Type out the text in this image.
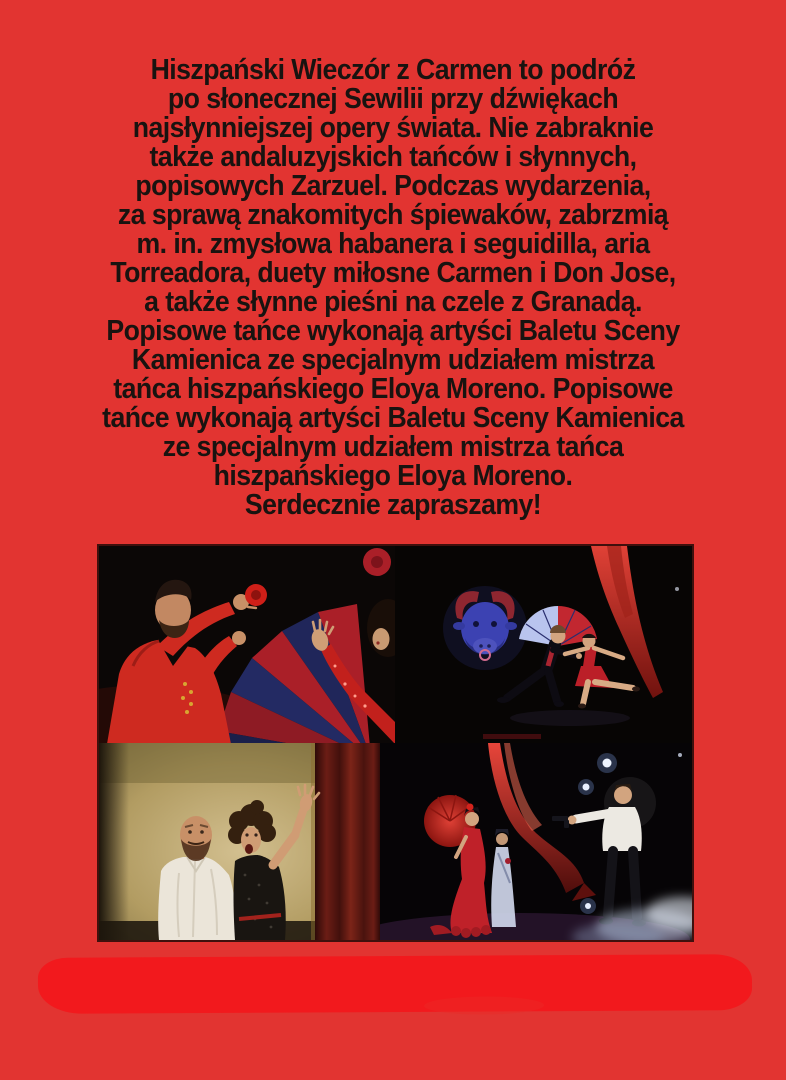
Hiszpański Wieczór z Carmen to podróż
po słonecznej Sewilii przy dźwiękach
najsłynniejszej opery świata. Nie zabraknie
także andaluzyjskich tańców i słynnych,
popisowych Zarzuel. Podczas wydarzenia,
za sprawą znakomitych śpiewaków, zabrzmią
m. in. zmysłowa habanera i seguidilla, aria
Torreadora, duety miłosne Carmen i Don Jose,
a także słynne pieśni na czele z Granadą.
Popisowe tańce wykonają artyści Baletu Sceny
Kamienica ze specjalnym udziałem mistrza
tańca hiszpańskiego Eloya Moreno. Popisowe
tańce wykonają artyści Baletu Sceny Kamienica
ze specjalnym udziałem mistrza tańca
hiszpańskiego Eloya Moreno.
Serdecznie zapraszamy!
